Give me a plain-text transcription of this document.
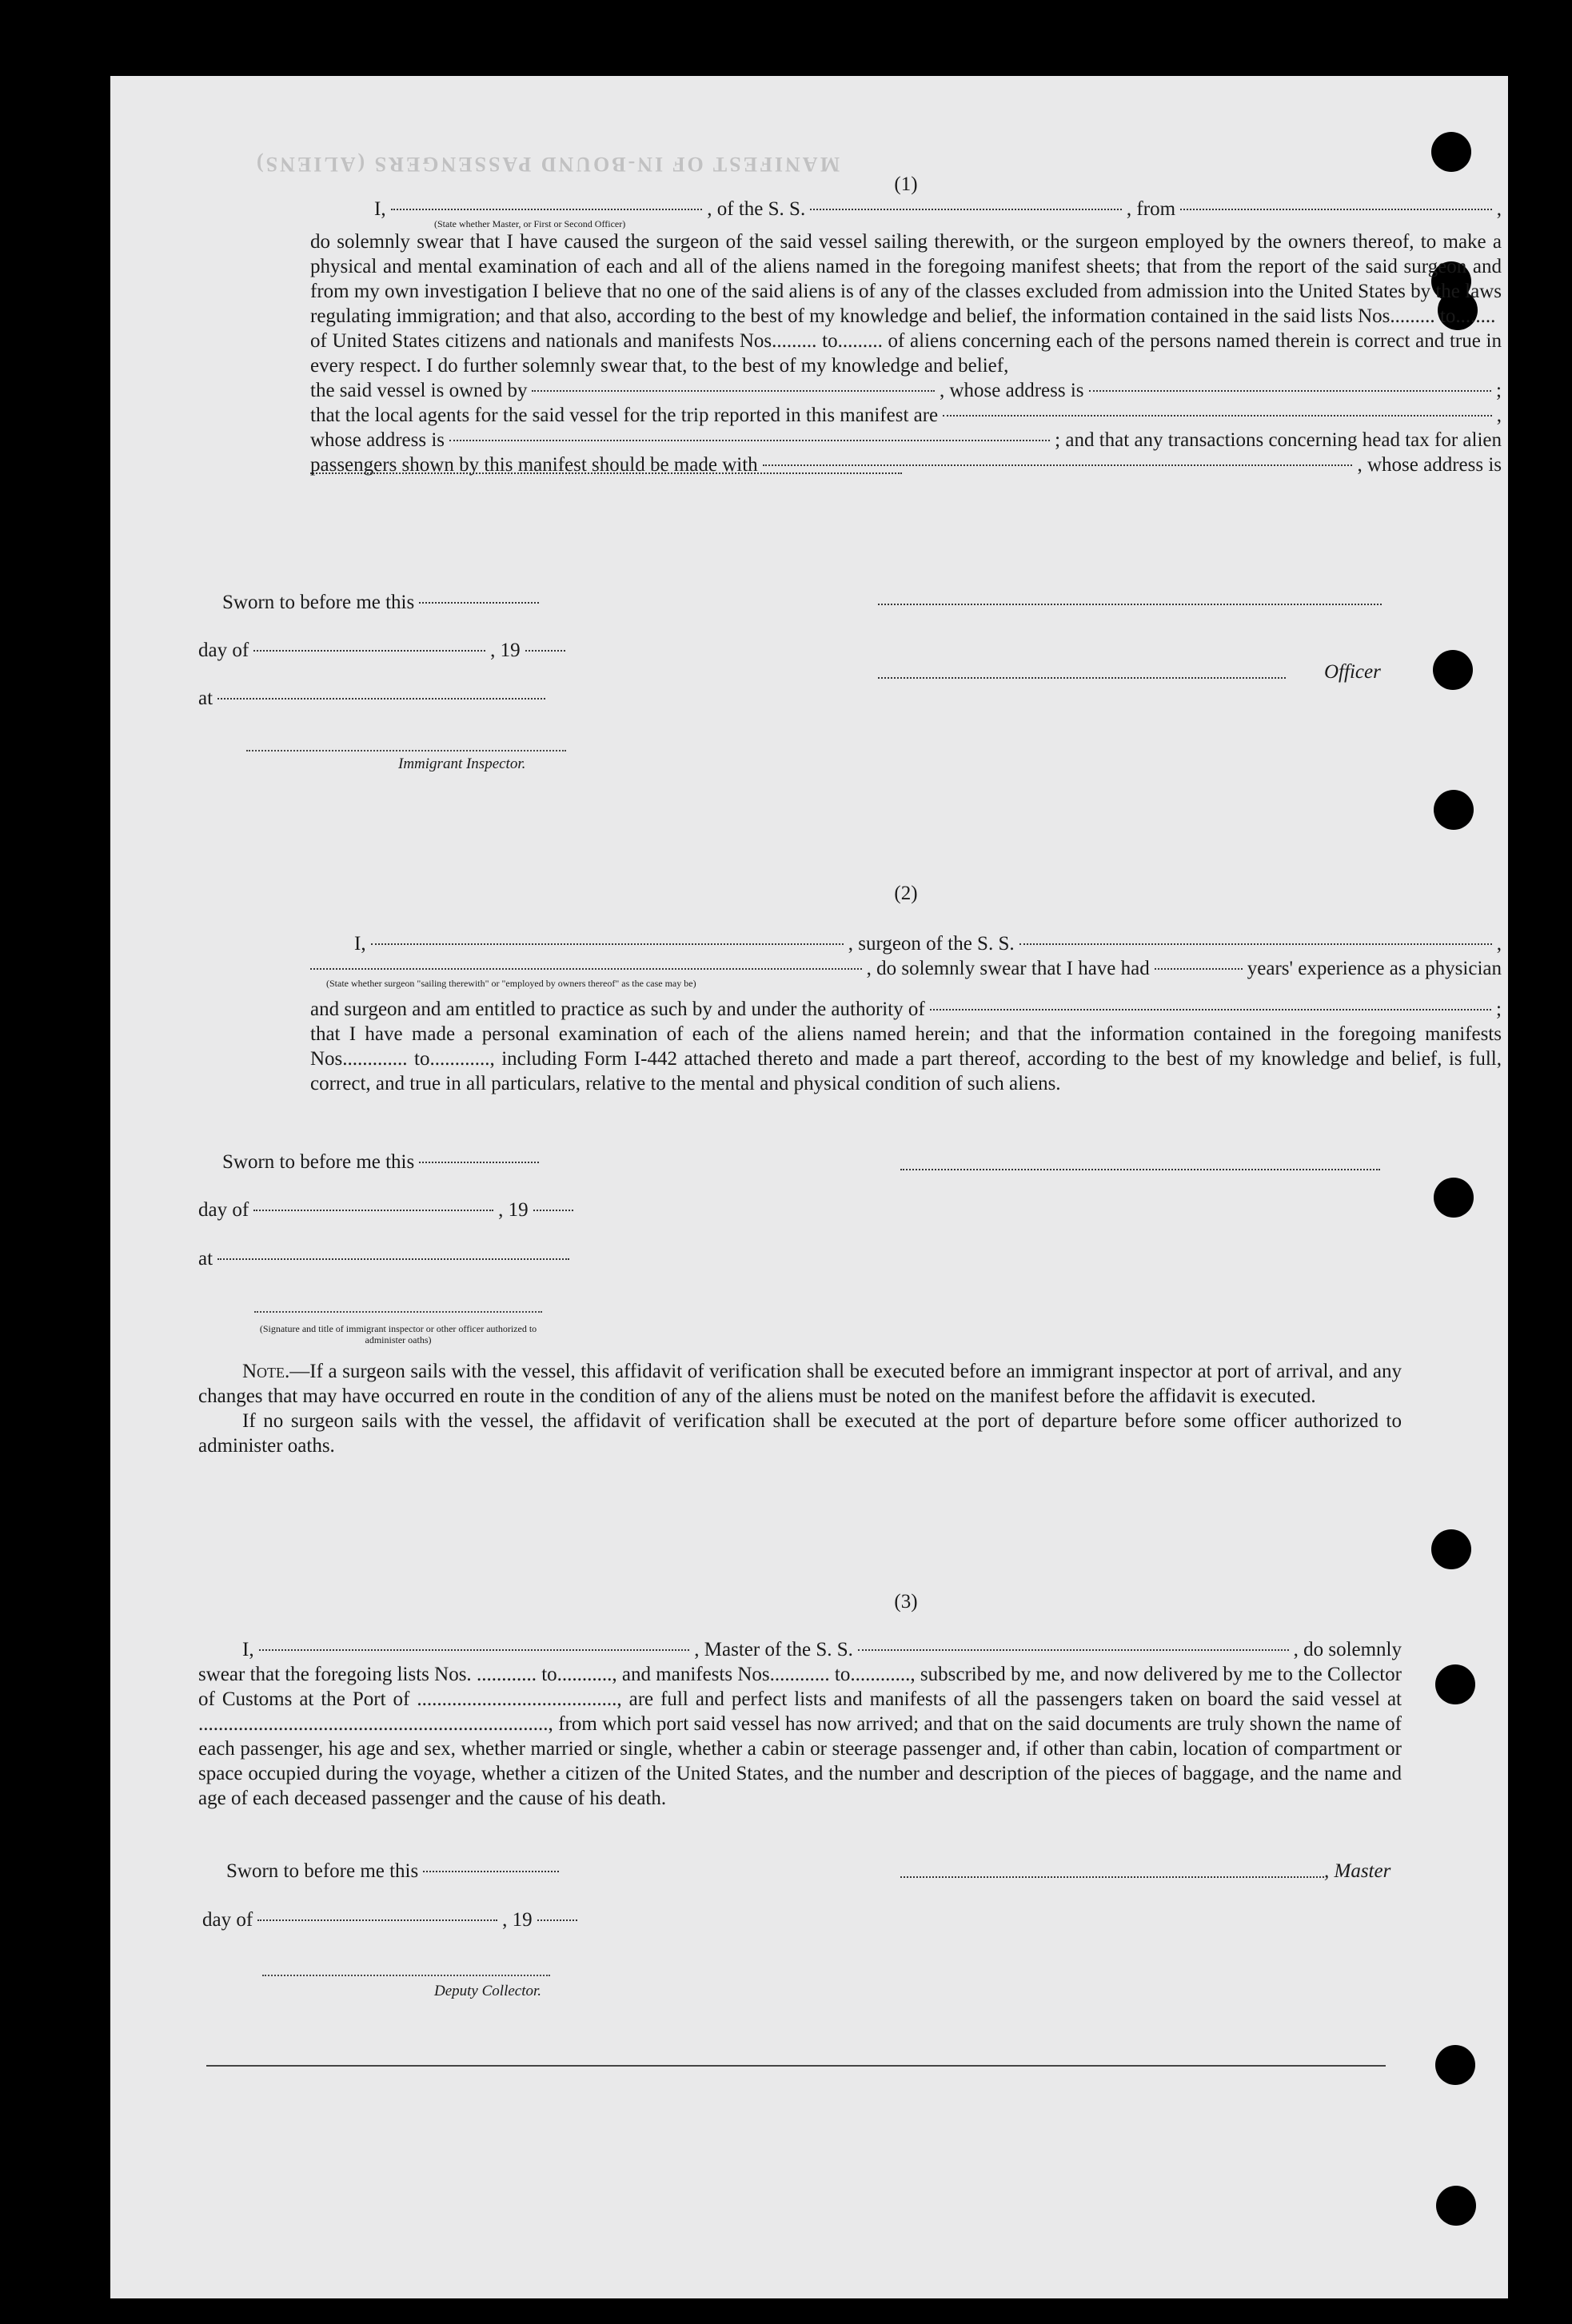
MANIFEST OF IN-BOUND PASSENGERS (ALIENS)

(1)

I,	, of the S. S.	, from	,

(State whether Master, or First or Second Officer)

do solemnly swear that I have caused the surgeon of the said vessel sailing therewith, or the surgeon employed by the owners thereof, to make a physical and mental examination of each and all of the aliens named in the foregoing manifest sheets; that from the report of the said surgeon and from my own investigation I believe that no one of the said aliens is of any of the classes excluded from admission into the United States by the laws regulating immigration; and that also, according to the best of my knowledge and belief, the information contained in the said lists Nos......... to........

of United States citizens and nationals and manifests Nos......... to......... of aliens concerning each of the persons named therein is correct and true in every respect. I do further solemnly swear that, to the best of my knowledge and belief,

the said vessel is owned by	, whose address is	;
that the local agents for the said vessel for the trip reported in this manifest are	,
whose address is	; and that any transactions concerning head tax for alien
passengers shown by this manifest should be made with	, whose address is
Sworn to before me this
day of	, 19
at
Officer
Immigrant Inspector.

(2)

I,	, surgeon of the S. S.	,
, do solemnly swear that I have had	years' experience as a physician

(State whether surgeon "sailing therewith" or "employed by owners thereof" as the case may be)

and surgeon and am entitled to practice as such by and under the authority of	;

that I have made a personal examination of each of the aliens named herein; and that the information contained in the foregoing manifests Nos............. to............, including Form I-442 attached thereto and made a part thereof, according to the best of my knowledge and belief, is full, correct, and true in all particulars, relative to the mental and physical condition of such aliens.

Sworn to before me this
day of	, 19
at
(Signature and title of immigrant inspector or other officer authorized to administer oaths)

Note.—If a surgeon sails with the vessel, this affidavit of verification shall be executed before an immigrant inspector at port of arrival, and any changes that may have occurred en route in the condition of any of the aliens must be noted on the manifest before the affidavit is executed.

If no surgeon sails with the vessel, the affidavit of verification shall be executed at the port of departure before some officer authorized to administer oaths.

(3)

I,	, Master of the S. S.	, do solemnly

swear that the foregoing lists Nos. ............ to..........., and manifests Nos............ to............, subscribed by me, and now delivered by me to the Collector of Customs at the Port of ........................................, are full and perfect lists and manifests of all the passengers taken on board the said vessel at ......................................................................, from which port said vessel has now arrived; and that on the said documents are truly shown the name of each passenger, his age and sex, whether married or single, whether a cabin or steerage passenger and, if other than cabin, location of compartment or space occupied during the voyage, whether a citizen of the United States, and the number and description of the pieces of baggage, and the name and age of each deceased passenger and the cause of his death.

Sworn to before me this	, Master
day of	, 19
Deputy Collector.
